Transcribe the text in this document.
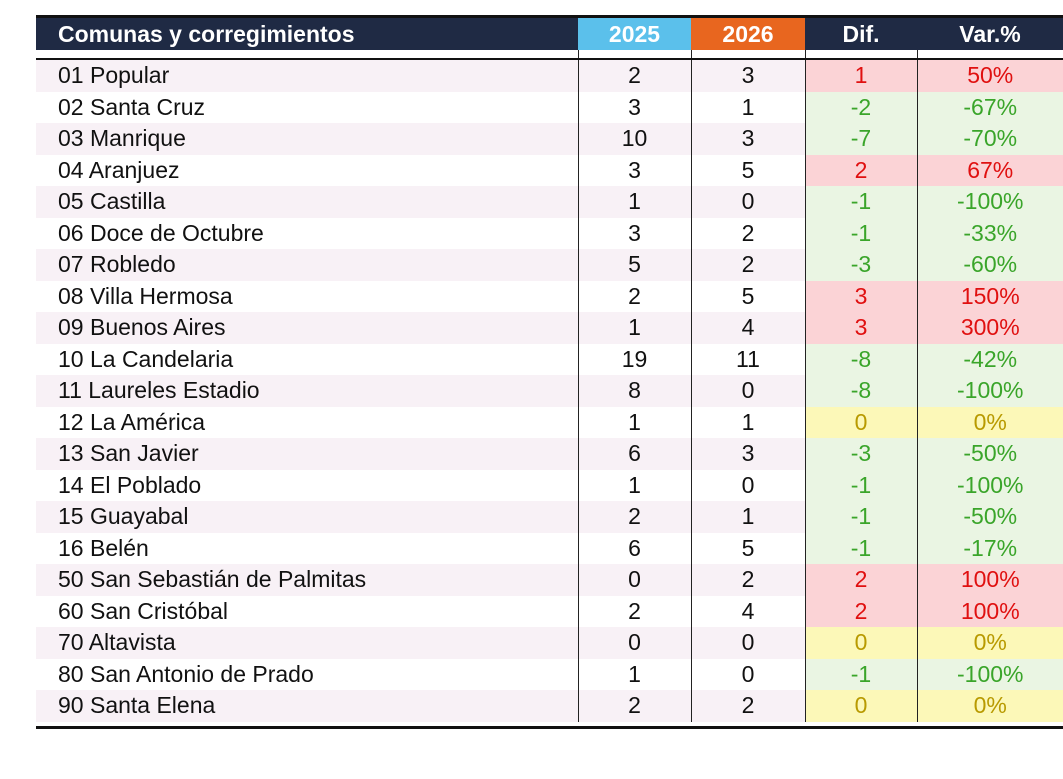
Comunas y corregimientos	2025	2026	Dif.	Var.%

01 Popular	2	3	1	50%
02 Santa Cruz	3	1	-2	-67%
03 Manrique	10	3	-7	-70%
04 Aranjuez	3	5	2	67%
05 Castilla	1	0	-1	-100%
06 Doce de Octubre	3	2	-1	-33%
07 Robledo	5	2	-3	-60%
08 Villa Hermosa	2	5	3	150%
09 Buenos Aires	1	4	3	300%
10 La Candelaria	19	11	-8	-42%
11 Laureles Estadio	8	0	-8	-100%
12 La América	1	1	0	0%
13 San Javier	6	3	-3	-50%
14 El Poblado	1	0	-1	-100%
15 Guayabal	2	1	-1	-50%
16 Belén	6	5	-1	-17%
50 San Sebastián de Palmitas	0	2	2	100%
60 San Cristóbal	2	4	2	100%
70 Altavista	0	0	0	0%
80 San Antonio de Prado	1	0	-1	-100%
90 Santa Elena	2	2	0	0%
